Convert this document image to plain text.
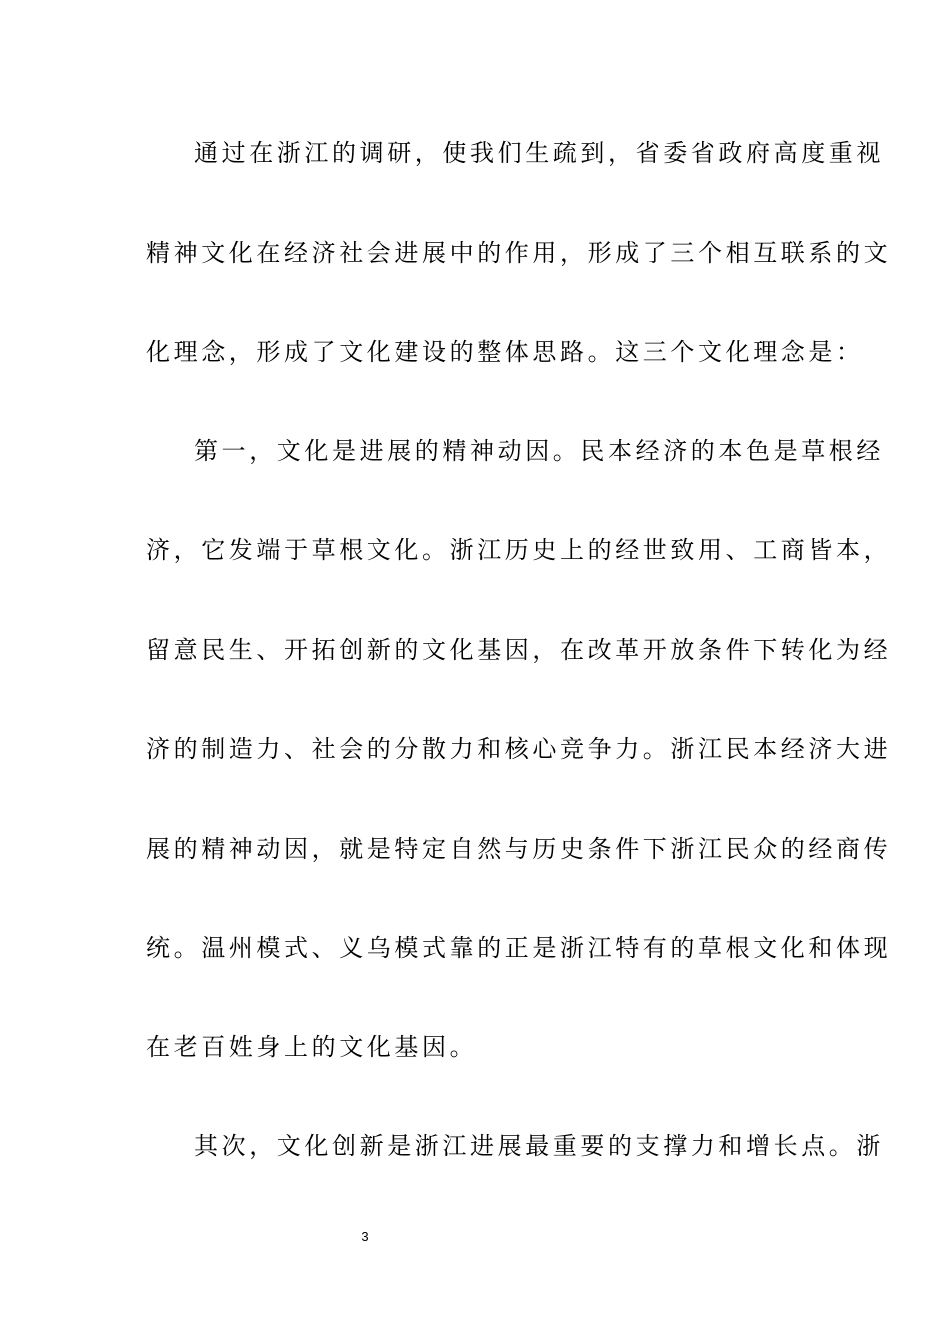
通过在浙江的调研，使我们生疏到，省委省政府高度重视
精神文化在经济社会进展中的作用，形成了三个相互联系的文
化理念，形成了文化建设的整体思路。这三个文化理念是：
第一，文化是进展的精神动因。民本经济的本色是草根经
济，它发端于草根文化。浙江历史上的经世致用、工商皆本，
留意民生、开拓创新的文化基因，在改革开放条件下转化为经
济的制造力、社会的分散力和核心竞争力。浙江民本经济大进
展的精神动因，就是特定自然与历史条件下浙江民众的经商传
统。温州模式、义乌模式靠的正是浙江特有的草根文化和体现
在老百姓身上的文化基因。
其次，文化创新是浙江进展最重要的支撑力和增长点。浙
3
